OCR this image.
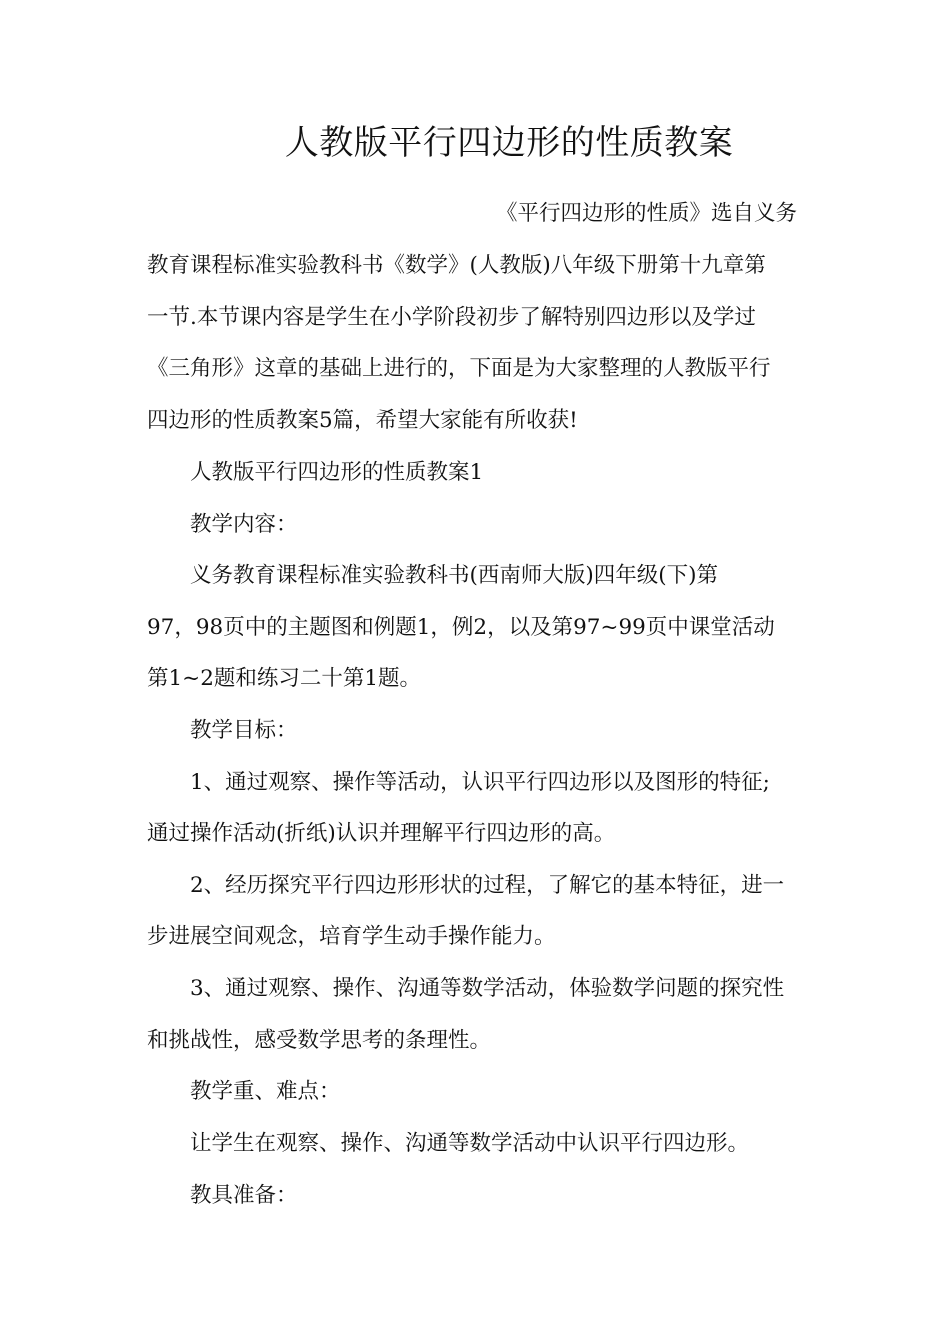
人教版平行四边形的性质教案
《平行四边形的性质》选自义务
教育课程标准实验教科书《数学》(人教版)八年级下册第十九章第
一节.本节课内容是学生在小学阶段初步了解特别四边形以及学过
《三角形》这章的基础上进行的，下面是为大家整理的人教版平行
四边形的性质教案5篇，希望大家能有所收获!
人教版平行四边形的性质教案1
教学内容：
义务教育课程标准实验教科书(西南师大版)四年级(下)第
97，98页中的主题图和例题1，例2，以及第97~99页中课堂活动
第1~2题和练习二十第1题。
教学目标：
1、通过观察、操作等活动，认识平行四边形以及图形的特征;
通过操作活动(折纸)认识并理解平行四边形的高。
2、经历探究平行四边形形状的过程，了解它的基本特征，进一
步进展空间观念，培育学生动手操作能力。
3、通过观察、操作、沟通等数学活动，体验数学问题的探究性
和挑战性，感受数学思考的条理性。
教学重、难点：
让学生在观察、操作、沟通等数学活动中认识平行四边形。
教具准备：
